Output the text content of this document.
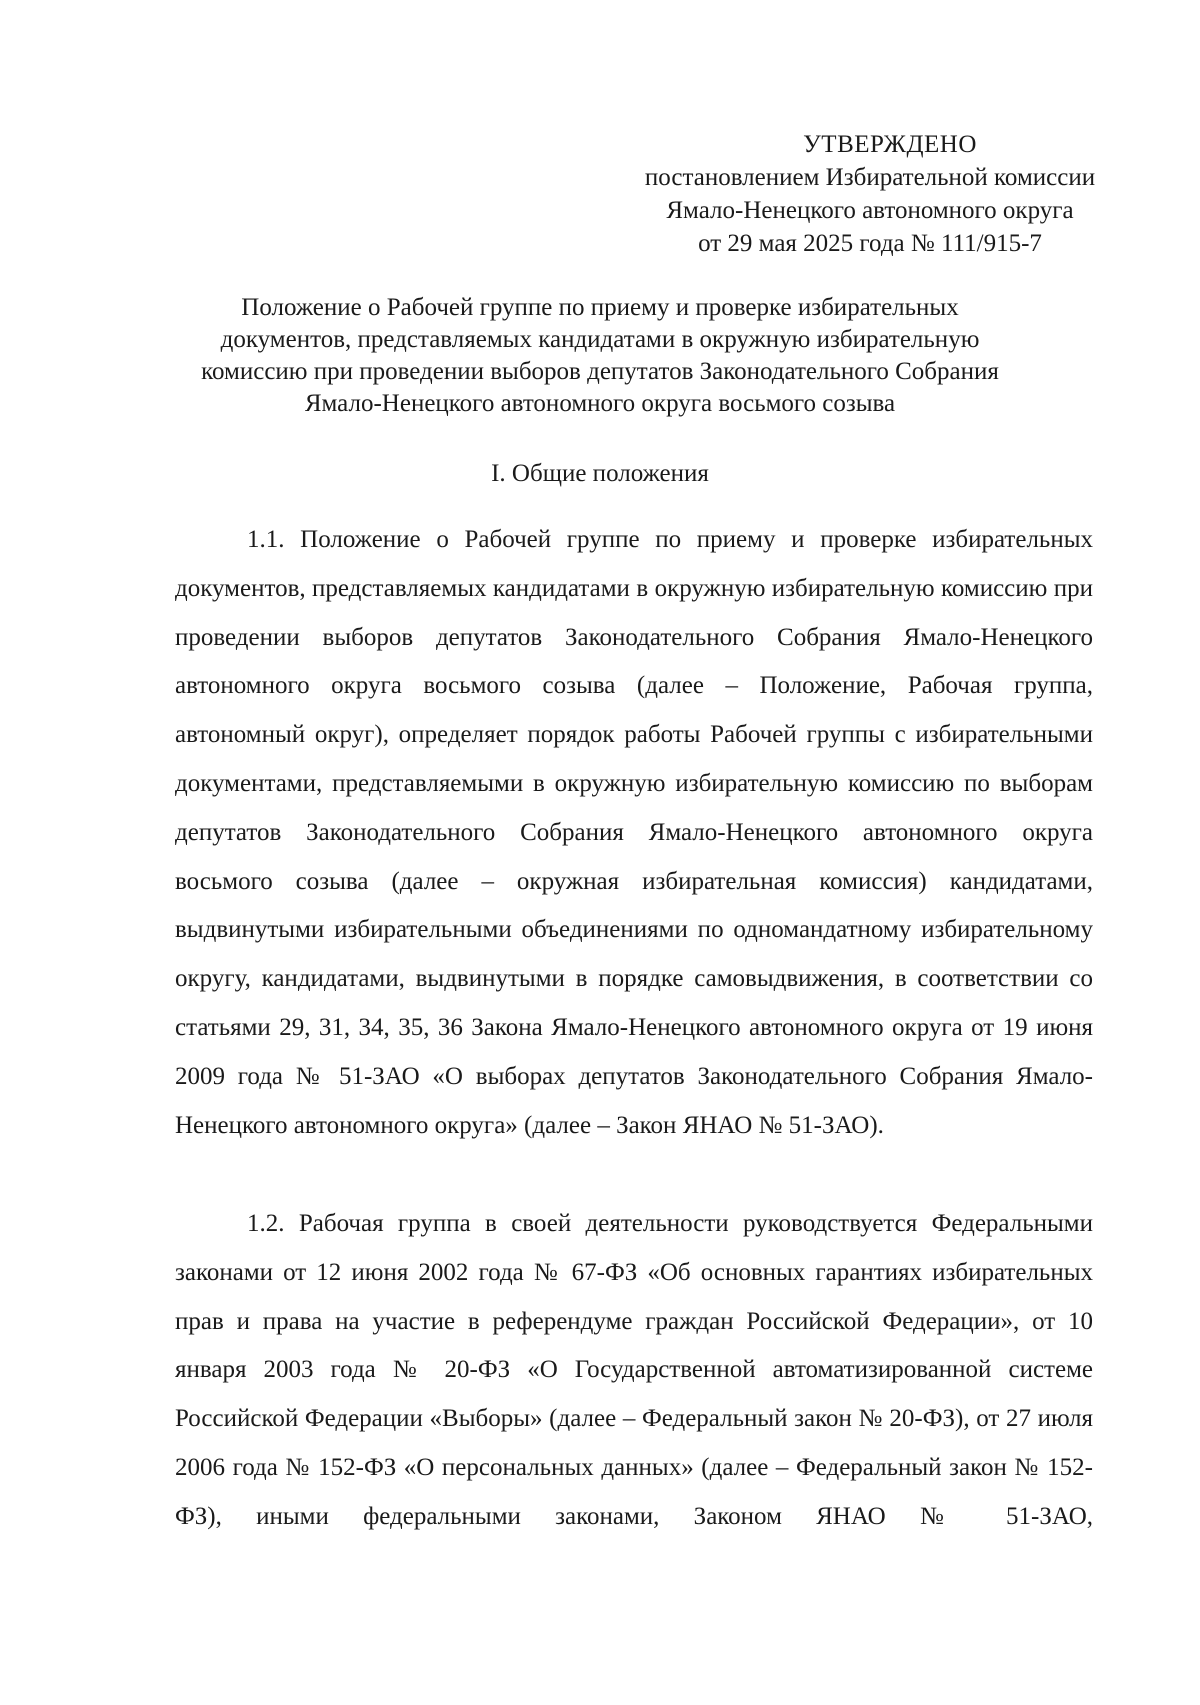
УТВЕРЖДЕНО
постановлением Избирательной комиссии
Ямало-Ненецкого автономного округа
от 29 мая 2025 года № 111/915-7
Положение о Рабочей группе по приему и проверке избирательных
документов, представляемых кандидатами в окружную избирательную
комиссию при проведении выборов депутатов Законодательного Собрания
Ямало-Ненецкого автономного округа восьмого созыва
I. Общие положения

1.1. Положение о Рабочей группе по приему и проверке избирательных документов, представляемых кандидатами в окружную избирательную комиссию при проведении выборов депутатов Законодательного Собрания Ямало-Ненецкого автономного округа восьмого созыва (далее – Положение, Рабочая группа, автономный округ), определяет порядок работы Рабочей группы с избирательными документами, представляемыми в окружную избирательную комиссию по выборам депутатов Законодательного Собрания Ямало-Ненецкого автономного округа восьмого созыва (далее – окружная избирательная комиссия) кандидатами, выдвинутыми избирательными объединениями по одномандатному избирательному округу, кандидатами, выдвинутыми в порядке самовыдвижения, в соответствии со статьями 29, 31, 34, 35, 36 Закона Ямало-Ненецкого автономного округа от 19 июня 2009 года № 51-ЗАО «О выборах депутатов Законодательного Собрания Ямало-Ненецкого автономного округа» (далее – Закон ЯНАО № 51-ЗАО).

1.2. Рабочая группа в своей деятельности руководствуется Федеральными законами от 12 июня 2002 года № 67-ФЗ «Об основных гарантиях избирательных прав и права на участие в референдуме граждан Российской Федерации», от 10 января 2003 года № 20-ФЗ «О Государственной автоматизированной системе Российской Федерации «Выборы» (далее – Федеральный закон № 20-ФЗ), от 27 июля 2006 года № 152-ФЗ «О персональных данных» (далее – Федеральный закон № 152-ФЗ), иными федеральными законами, Законом ЯНАО № 51-ЗАО,
